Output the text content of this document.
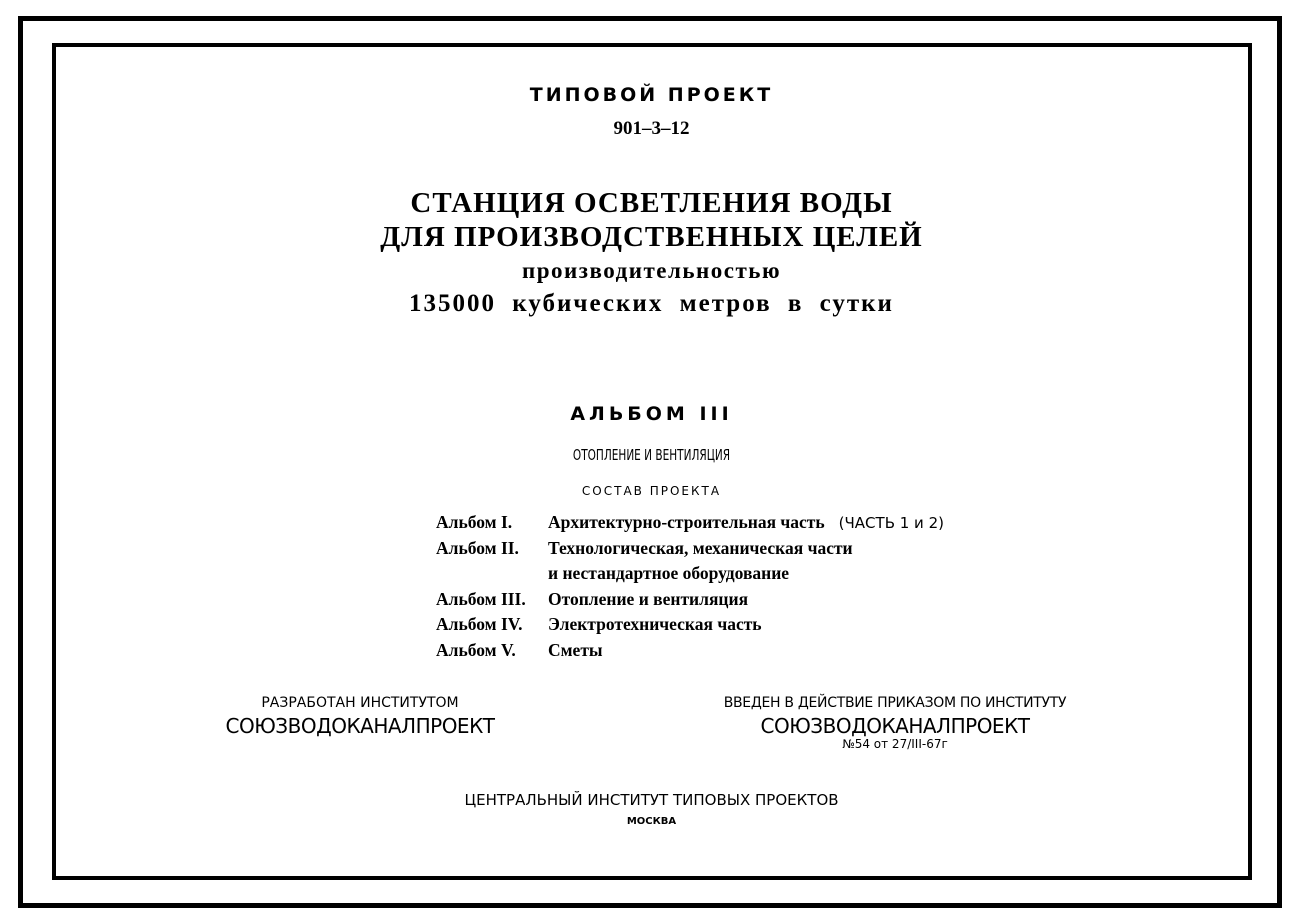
ТИПОВОЙ ПРОЕКТ
901–3–12
СТАНЦИЯ ОСВЕТЛЕНИЯ ВОДЫ
ДЛЯ ПРОИЗВОДСТВЕННЫХ ЦЕЛЕЙ
производительностью
135000 кубических метров в сутки
АЛЬБОМ III
ОТОПЛЕНИЕ И ВЕНТИЛЯЦИЯ
СОСТАВ ПРОЕКТА
Альбом I. Архитектурно-строительная часть (ЧАСТЬ 1 и 2)
Альбом II. Технологическая, механическая части
и нестандартное оборудование
Альбом III. Отопление и вентиляция
Альбом IV. Электротехническая часть
Альбом V. Сметы
РАЗРАБОТАН ИНСТИТУТОМ
СОЮЗВОДОКАНАЛПРОЕКТ
ВВЕДЕН В ДЕЙСТВИЕ ПРИКАЗОМ ПО ИНСТИТУТУ
СОЮЗВОДОКАНАЛПРОЕКТ
№54 от 27/III-67г
ЦЕНТРАЛЬНЫЙ ИНСТИТУТ ТИПОВЫХ ПРОЕКТОВ
МОСКВА
